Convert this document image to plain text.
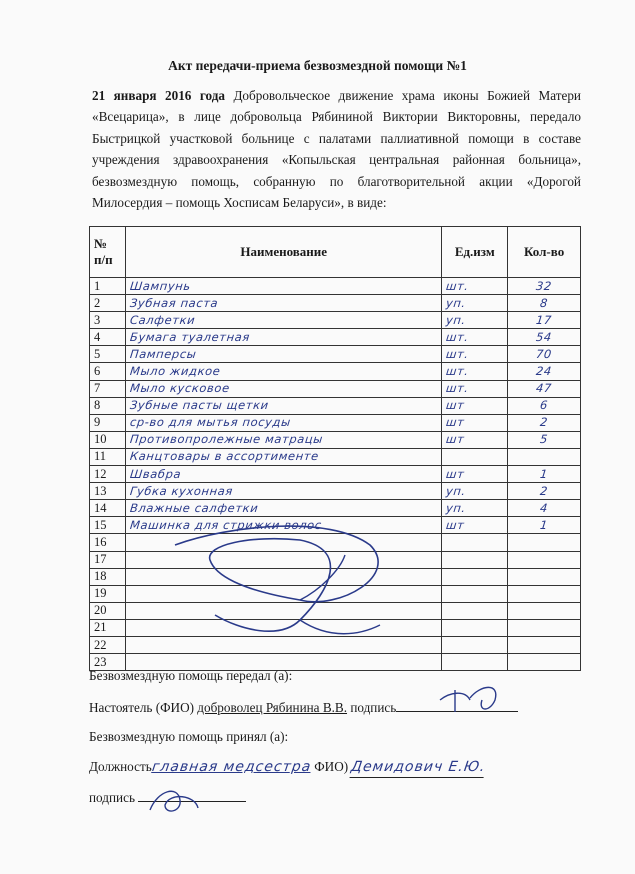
Акт передачи-приема безвозмездной помощи №1
21 января 2016 года Добровольческое движение храма иконы Божией Матери «Всецарица», в лице добровольца Рябининой Виктории Викторовны, передало Быстрицкой участковой больнице с палатами паллиативной помощи в составе учреждения здравоохранения «Копыльская центральная районная больница», безвозмездную помощь, собранную по благотворительной акции «Дорогой Милосердия – помощь Хосписам Беларуси», в виде:
№ п/п	Наименование	Ед.изм	Кол-во
1	Шампунь	шт.	32
2	Зубная паста	уп.	8
3	Салфетки	уп.	17
4	Бумага туалетная	шт.	54
5	Памперсы	шт.	70
6	Мыло жидкое	шт.	24
7	Мыло кусковое	шт.	47
8	Зубные пасты щетки	шт	6
9	ср-во для мытья посуды	шт	2
10	Противопролежные матрацы	шт	5
11	Канцтовары в ассортименте		
12	Швабра	шт	1
13	Губка кухонная	уп.	2
14	Влажные салфетки	уп.	4
15	Машинка для стрижки волос	шт	1
16			
17			
18			
19			
20			
21			
22			
23			
Безвозмездную помощь передал (а):
Настоятель (ФИО) доброволец Рябинина В.В. подпись
Безвозмездную помощь принял (а):
Должностьглавная медсестра ФИО) Демидович Е.Ю.
подпись
